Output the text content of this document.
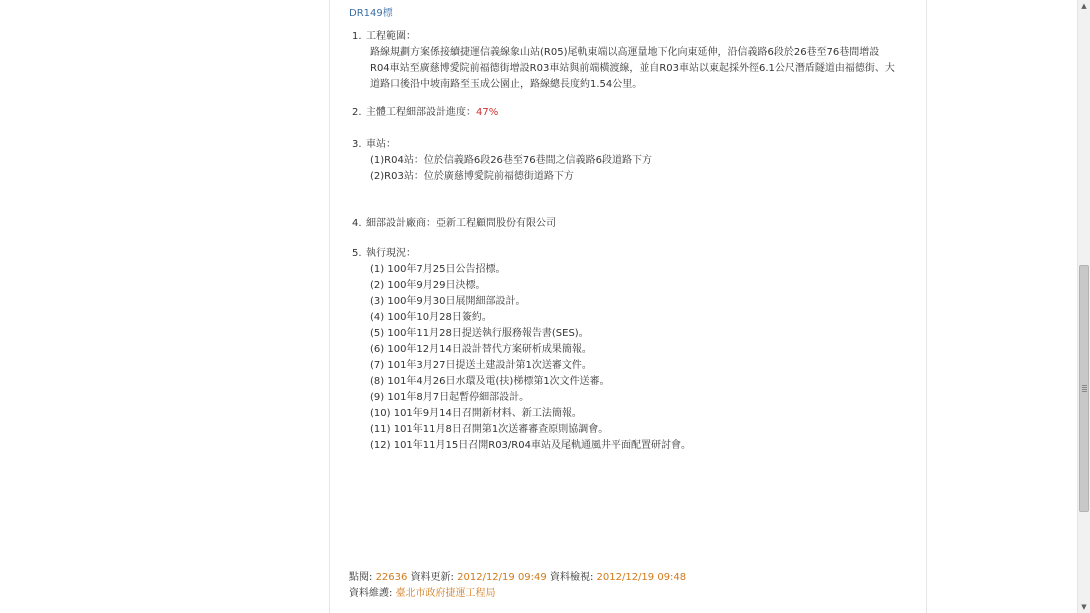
DR149標
1. 工程範圍：
路線規劃方案係接續捷運信義線象山站(R05)尾軌東端以高運量地下化向東延伸，沿信義路6段於26巷至76巷間增設
R04車站至廣慈博愛院前福德街增設R03車站與前端橫渡線，並自R03車站以東起採外徑6.1公尺潛盾隧道由福德街、大
道路口後沿中坡南路至玉成公園止，路線總長度約1.54公里。
2. 主體工程細部設計進度：47%
3. 車站：
(1)R04站：位於信義路6段26巷至76巷間之信義路6段道路下方
(2)R03站：位於廣慈博愛院前福德街道路下方
4. 細部設計廠商：亞新工程顧問股份有限公司
5. 執行現況：
(1) 100年7月25日公告招標。
(2) 100年9月29日決標。
(3) 100年9月30日展開細部設計。
(4) 100年10月28日簽約。
(5) 100年11月28日提送執行服務報告書(SES)。
(6) 100年12月14日設計替代方案研析成果簡報。
(7) 101年3月27日提送土建設計第1次送審文件。
(8) 101年4月26日水環及電(扶)梯標第1次文件送審。
(9) 101年8月7日起暫停細部設計。
(10) 101年9月14日召開新材料、新工法簡報。
(11) 101年11月8日召開第1次送審審查原則協調會。
(12) 101年11月15日召開R03/R04車站及尾軌通風井平面配置研討會。
點閱: 22636 資料更新: 2012/12/19 09:49 資料檢視: 2012/12/19 09:48
資料維護: 臺北市政府捷運工程局
▲
▼
